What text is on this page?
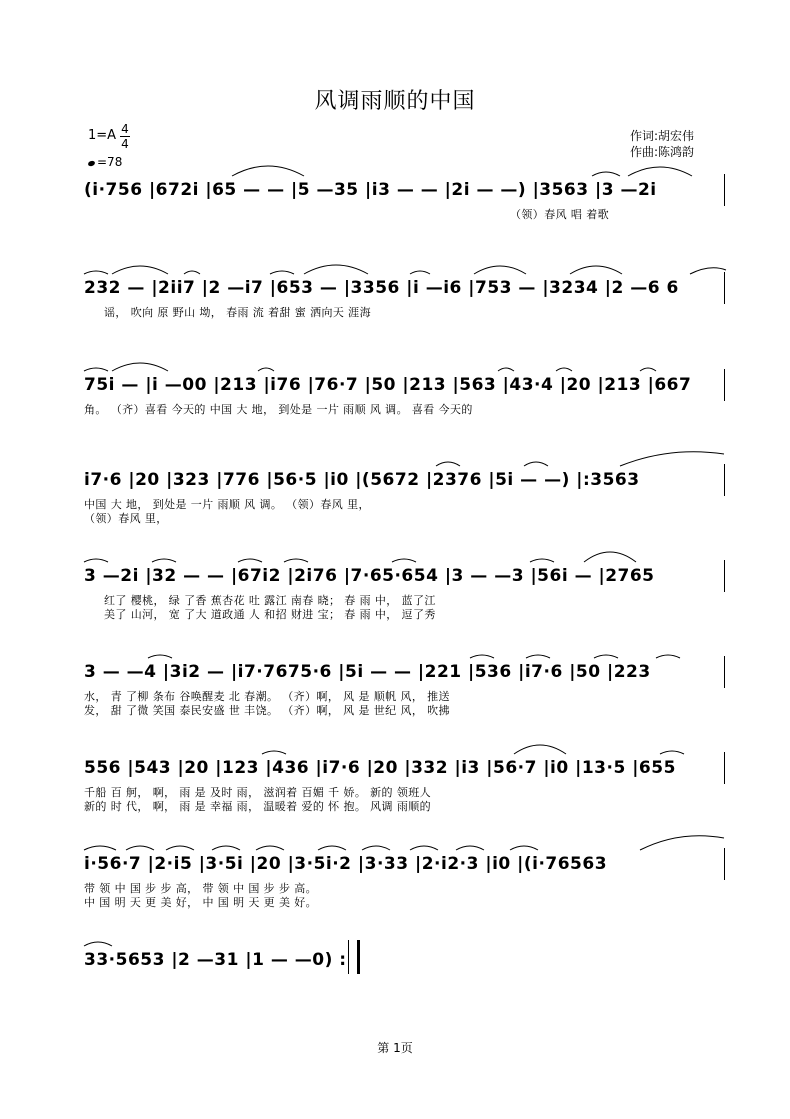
风调雨顺的中国
1=A 4
4
=78
作词:胡宏伟
作曲:陈鸿韵
(i·756 |672i |65 — — |5 —35 |i3 — — |2i — —) |3563 |3 —2i
（领）春风 唱 着歌
232 — |2ii7 |2 —i7 |653 — |3356 |i —i6 |753 — |3234 |2 —6 6
谣， 吹向 原 野山 坳， 春雨 流 着甜 蜜 洒向天 涯海
75i — |i —00 |213 |i76 |76·7 |50 |213 |563 |43·4 |20 |213 |667
角。 （齐）喜看 今天的 中国 大 地， 到处是 一片 雨顺 风 调。 喜看 今天的
i7·6 |20 |323 |776 |56·5 |i0 |(5672 |2376 |5i — —) |:3563
中国 大 地， 到处是 一片 雨顺 风 调。 （领）春风 里，
（领）春风 里，
3 —2i |32 — — |67i2 |2i76 |7·65·654 |3 — —3 |56i — |2765
红了 樱桃， 绿 了香 蕉杏花 吐 露江 南春 晓； 春 雨 中， 蓝了江
美了 山河， 宽 了大 道政通 人 和招 财进 宝； 春 雨 中， 逗了秀
3 — —4 |3i2 — |i7·7675·6 |5i — — |221 |536 |i7·6 |50 |223
水， 青 了柳 条布 谷唤醒麦 北 春潮。 （齐）啊， 风 是 顺帆 风， 推送
发， 甜 了微 笑国 泰民安盛 世 丰饶。 （齐）啊， 风 是 世纪 风， 吹拂
556 |543 |20 |123 |436 |i7·6 |20 |332 |i3 |56·7 |i0 |13·5 |655
千船 百 舸， 啊， 雨 是 及时 雨， 滋润着 百媚 千 娇。 新的 领班人
新的 时 代， 啊， 雨 是 幸福 雨， 温暖着 爱的 怀 抱。 风调 雨顺的
i·56·7 |2·i5 |3·5i |20 |3·5i·2 |3·33 |2·i2·3 |i0 |(i·76563
带 领 中 国 步 步 高， 带 领 中 国 步 步 高。
中 国 明 天 更 美 好， 中 国 明 天 更 美 好。
33·5653 |2 —31 |1 — —0) :
第 1页
